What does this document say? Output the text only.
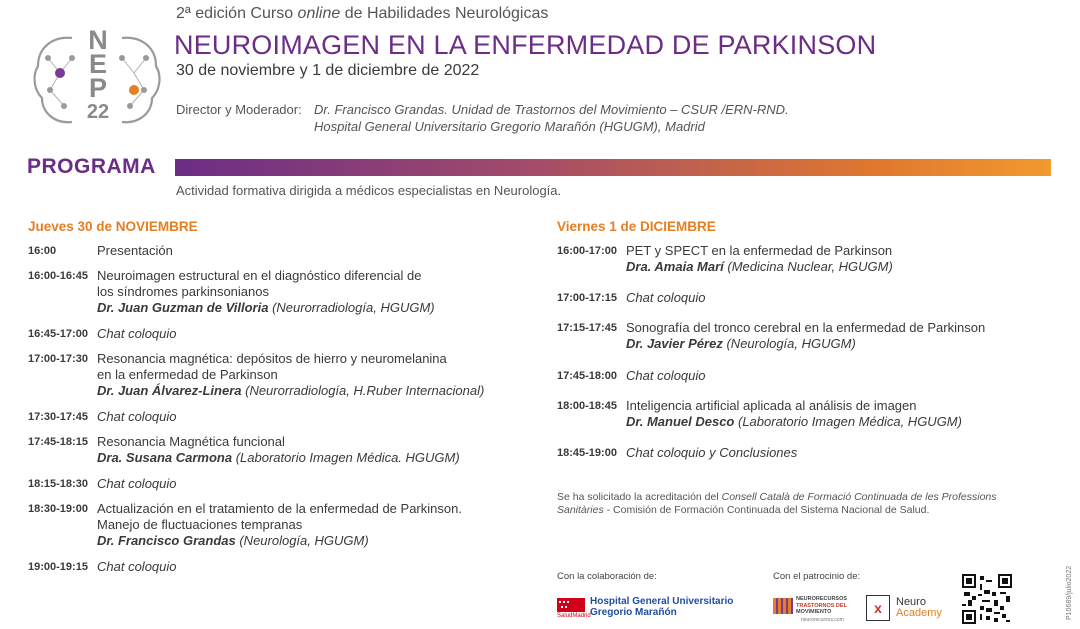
N
E
P
22
2ª edición Curso online de Habilidades Neurológicas
NEUROIMAGEN EN LA ENFERMEDAD DE PARKINSON
30 de noviembre y 1 de diciembre de 2022
Director y Moderador: Dr. Francisco Grandas. Unidad de Trastornos del Movimiento – CSUR /ERN-RND.
Hospital General Universitario Gregorio Marañón (HGUGM), Madrid
PROGRAMA
Actividad formativa dirigida a médicos especialistas en Neurología.
Jueves 30 de NOVIEMBRE
16:00	Presentación
16:00-16:45 Neuroimagen estructural en el diagnóstico diferencial de
los síndromes parkinsonianos
Dr. Juan Guzman de Villoria (Neurorradiología, HGUGM)
16:45-17:00 Chat coloquio
17:00-17:30 Resonancia magnética: depósitos de hierro y neuromelanina
en la enfermedad de Parkinson
Dr. Juan Álvarez-Linera (Neurorradiología, H.Ruber Internacional)
17:30-17:45 Chat coloquio
17:45-18:15 Resonancia Magnética funcional
Dra. Susana Carmona (Laboratorio Imagen Médica. HGUGM)
18:15-18:30 Chat coloquio
18:30-19:00 Actualización en el tratamiento de la enfermedad de Parkinson.
Manejo de fluctuaciones tempranas
Dr. Francisco Grandas (Neurología, HGUGM)
19:00-19:15 Chat coloquio
Viernes 1 de DICIEMBRE
16:00-17:00 PET y SPECT en la enfermedad de Parkinson
Dra. Amaia Marí (Medicina Nuclear, HGUGM)
17:00-17:15 Chat coloquio
17:15-17:45 Sonografía del tronco cerebral en la enfermedad de Parkinson
Dr. Javier Pérez (Neurología, HGUGM)
17:45-18:00 Chat coloquio
18:00-18:45 Inteligencia artificial aplicada al análisis de imagen
Dr. Manuel Desco (Laboratorio Imagen Médica, HGUGM)
18:45-19:00 Chat coloquio y Conclusiones
Se ha solicitado la acreditación del Consell Català de Formació Continuada de les Professions
Sanitàries - Comisión de Formación Continuada del Sistema Nacional de Salud.
Con la colaboración de:
SaludMadrid
Hospital General Universitario
Gregorio Marañón
Con el patrocinio de:
NEURORECURSOS
TRASTORNOS DEL
MOVIMIENTO
neurorecursos.com
x	Neuro
Academy	P10689/julio2022
